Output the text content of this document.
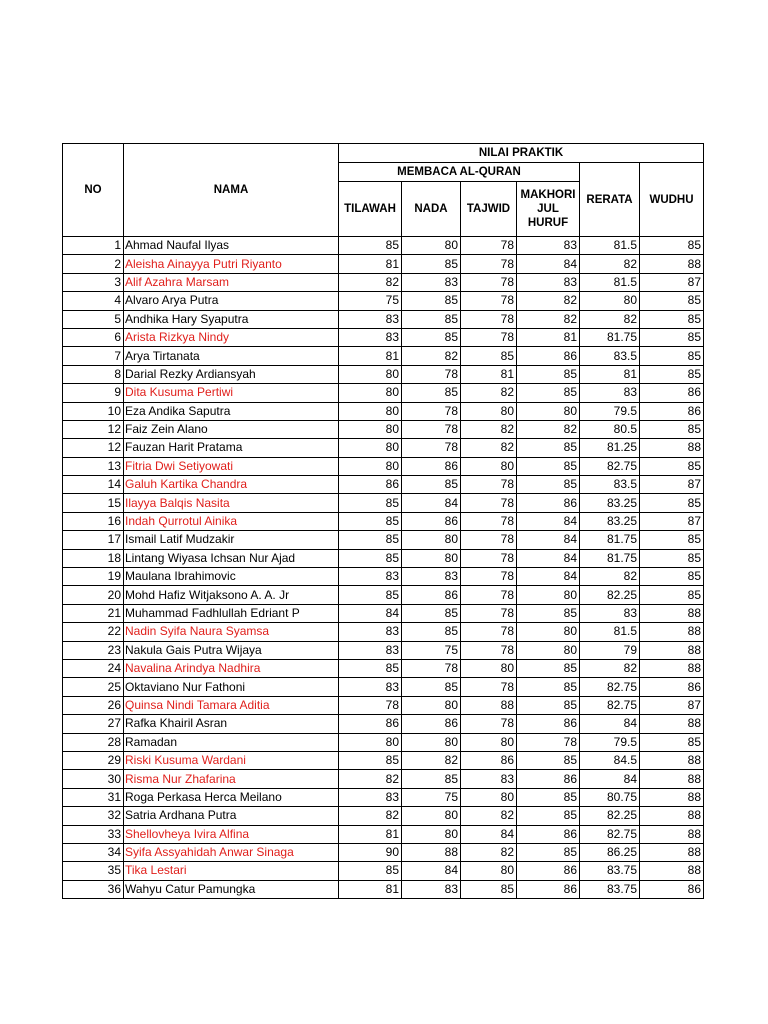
NO	NAMA	NILAI PRAKTIK					
		MEMBACA AL-QURAN				RERATA	WUDHU
		TILAWAH	NADA	TAJWID	MAKHORI JUL HURUF		
1	Ahmad Naufal Ilyas	85	80	78	83	81.5	85
2	Aleisha Ainayya Putri Riyanto	81	85	78	84	82	88
3	Alif Azahra Marsam	82	83	78	83	81.5	87
4	Alvaro Arya Putra	75	85	78	82	80	85
5	Andhika Hary Syaputra	83	85	78	82	82	85
6	Arista Rizkya Nindy	83	85	78	81	81.75	85
7	Arya Tirtanata	81	82	85	86	83.5	85
8	Darial Rezky Ardiansyah	80	78	81	85	81	85
9	Dita Kusuma Pertiwi	80	85	82	85	83	86
10	Eza Andika Saputra	80	78	80	80	79.5	86
12	Faiz Zein Alano	80	78	82	82	80.5	85
12	Fauzan Harit Pratama	80	78	82	85	81.25	88
13	Fitria Dwi Setiyowati	80	86	80	85	82.75	85
14	Galuh Kartika Chandra	86	85	78	85	83.5	87
15	Ilayya Balqis Nasita	85	84	78	86	83.25	85
16	Indah Qurrotul Ainika	85	86	78	84	83.25	87
17	Ismail Latif Mudzakir	85	80	78	84	81.75	85
18	Lintang Wiyasa Ichsan Nur Ajad	85	80	78	84	81.75	85
19	Maulana Ibrahimovic	83	83	78	84	82	85
20	Mohd Hafiz Witjaksono A. A. Jr	85	86	78	80	82.25	85
21	Muhammad Fadhlullah Edriant P	84	85	78	85	83	88
22	Nadin Syifa Naura Syamsa	83	85	78	80	81.5	88
23	Nakula Gais Putra Wijaya	83	75	78	80	79	88
24	Navalina Arindya Nadhira	85	78	80	85	82	88
25	Oktaviano Nur Fathoni	83	85	78	85	82.75	86
26	Quinsa Nindi Tamara Aditia	78	80	88	85	82.75	87
27	Rafka Khairil Asran	86	86	78	86	84	88
28	Ramadan	80	80	80	78	79.5	85
29	Riski Kusuma Wardani	85	82	86	85	84.5	88
30	Risma Nur Zhafarina	82	85	83	86	84	88
31	Roga Perkasa Herca Meilano	83	75	80	85	80.75	88
32	Satria Ardhana Putra	82	80	82	85	82.25	88
33	Shellovheya Ivira Alfina	81	80	84	86	82.75	88
34	Syifa Assyahidah Anwar Sinaga	90	88	82	85	86.25	88
35	Tika Lestari	85	84	80	86	83.75	88
36	Wahyu Catur Pamungka	81	83	85	86	83.75	86
